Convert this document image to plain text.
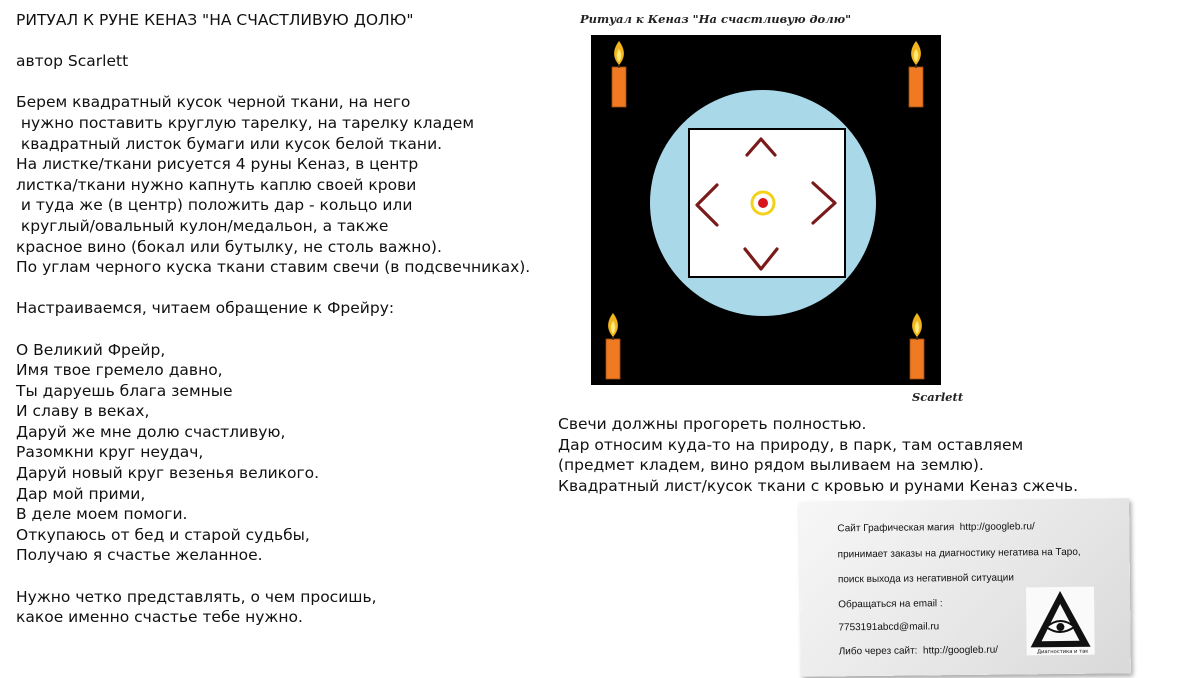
РИТУАЛ К РУНЕ КЕНАЗ "НА СЧАСТЛИВУЮ ДОЛЮ"
автор Scarlett
Берем квадратный кусок черной ткани, на него
нужно поставить круглую тарелку, на тарелку кладем
квадратный листок бумаги или кусок белой ткани.
На листке/ткани рисуется 4 руны Кеназ, в центр
листка/ткани нужно капнуть каплю своей крови
и туда же (в центр) положить дар - кольцо или
круглый/овальный кулон/медальон, а также
красное вино (бокал или бутылку, не столь важно).
По углам черного куска ткани ставим свечи (в подсвечниках).
Настраиваемся, читаем обращение к Фрейру:
О Великий Фрейр,
Имя твое гремело давно,
Ты даруешь блага земные
И славу в веках,
Даруй же мне долю счастливую,
Разомкни круг неудач,
Даруй новый круг везенья великого.
Дар мой прими,
В деле моем помоги.
Откупаюсь от бед и старой судьбы,
Получаю я счастье желанное.
Нужно четко представлять, о чем просишь,
какое именно счастье тебе нужно.
Ритуал к Кеназ "На счастливую долю"
Scarlett
Свечи должны прогореть полностью.
Дар относим куда-то на природу, в парк, там оставляем
(предмет кладем, вино рядом выливаем на землю).
Квадратный лист/кусок ткани с кровью и рунами Кеназ сжечь.
Сайт Графическая магия  http://googleb.ru/
принимает заказы на диагностику негатива на Таро,
поиск выхода из негативной ситуации
Обращаться на email :
7753191abcd@mail.ru
Либо через сайт:  http://googleb.ru/	Диагностика и так
